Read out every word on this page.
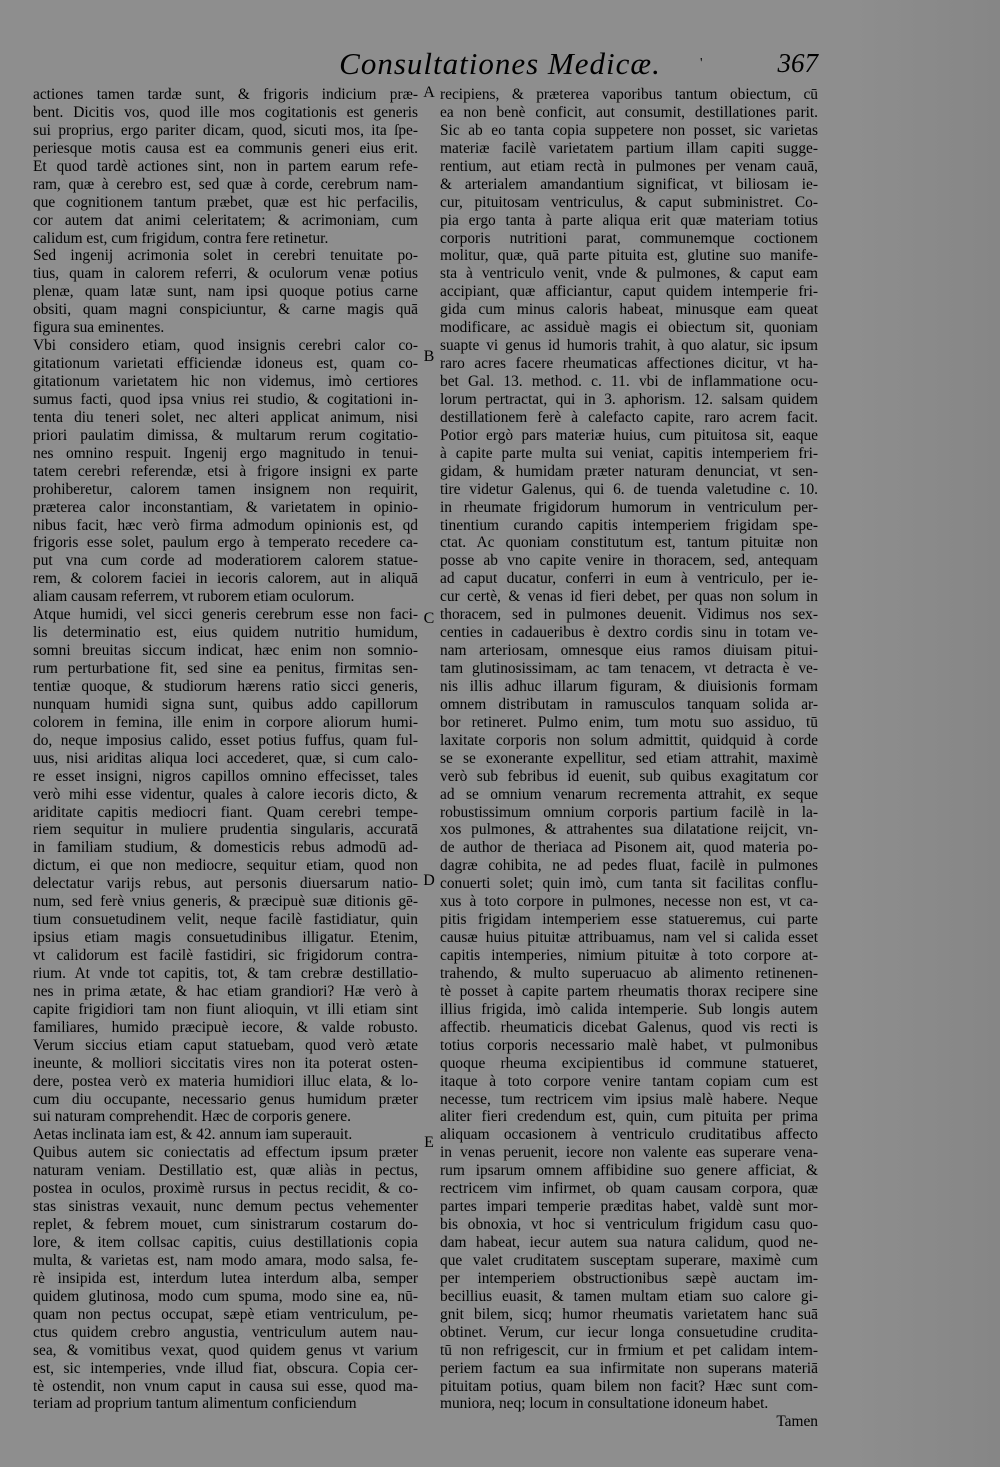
Consultationes Medicæ.	'	367
actiones tamen tardæ sunt, & frigoris indicium præ-
bent. Dicitis vos, quod ille mos cogitationis est generis
sui proprius, ergo pariter dicam, quod, sicuti mos, ita ſpe-
periesque motis causa est ea communis generi eius erit.
Et quod tardè actiones sint, non in partem earum refe-
ram, quæ à cerebro est, sed quæ à corde, cerebrum nam-
que cognitionem tantum præbet, quæ est hic perfacilis,
cor autem dat animi celeritatem; & acrimoniam, cum
calidum est, cum frigidum, contra fere retinetur.
Sed ingenij acrimonia solet in cerebri tenuitate po-
tius, quam in calorem referri, & oculorum venæ potius
plenæ, quam latæ sunt, nam ipsi quoque potius carne
obsiti, quam magni conspiciuntur, & carne magis quā
figura sua eminentes.
Vbi considero etiam, quod insignis cerebri calor co-
gitationum varietati efficiendæ idoneus est, quam co-
gitationum varietatem hic non videmus, imò certiores
sumus facti, quod ipsa vnius rei studio, & cogitationi in-
tenta diu teneri solet, nec alteri applicat animum, nisi
priori paulatim dimissa, & multarum rerum cogitatio-
nes omnino respuit. Ingenij ergo magnitudo in tenui-
tatem cerebri referendæ, etsi à frigore insigni ex parte
prohiberetur, calorem tamen insignem non requirit,
præterea calor inconstantiam, & varietatem in opinio-
nibus facit, hæc verò firma admodum opinionis est, qd
frigoris esse solet, paulum ergo à temperato recedere ca-
put vna cum corde ad moderatiorem calorem statue-
rem, & colorem faciei in iecoris calorem, aut in aliquā
aliam causam referrem, vt ruborem etiam oculorum.
Atque humidi, vel sicci generis cerebrum esse non faci-
lis determinatio est, eius quidem nutritio humidum,
somni breuitas siccum indicat, hæc enim non somnio-
rum perturbatione fit, sed sine ea penitus, firmitas sen-
tentiæ quoque, & studiorum hærens ratio sicci generis,
nunquam humidi signa sunt, quibus addo capillorum
colorem in femina, ille enim in corpore aliorum humi-
do, neque imposius calido, esset potius fuffus, quam ful-
uus, nisi ariditas aliqua loci accederet, quæ, si cum calo-
re esset insigni, nigros capillos omnino effecisset, tales
verò mihi esse videntur, quales à calore iecoris dicto, &
ariditate capitis mediocri fiant. Quam cerebri tempe-
riem sequitur in muliere prudentia singularis, accuratā
in familiam studium, & domesticis rebus admodū ad-
dictum, ei que non mediocre, sequitur etiam, quod non
delectatur varijs rebus, aut personis diuersarum natio-
num, sed ferè vnius generis, & præcipuè suæ ditionis gē-
tium consuetudinem velit, neque facilè fastidiatur, quin
ipsius etiam magis consuetudinibus illigatur. Etenim,
vt calidorum est facilè fastidiri, sic frigidorum contra-
rium. At vnde tot capitis, tot, & tam crebræ destillatio-
nes in prima ætate, & hac etiam grandiori? Hæ verò à
capite frigidiori tam non fiunt alioquin, vt illi etiam sint
familiares, humido præcipuè iecore, & valde robusto.
Verum siccius etiam caput statuebam, quod verò ætate
ineunte, & molliori siccitatis vires non ita poterat osten-
dere, postea verò ex materia humidiori illuc elata, & lo-
cum diu occupante, necessario genus humidum præter
sui naturam comprehendit. Hæc de corporis genere.
Aetas inclinata iam est, & 42. annum iam superauit.
Quibus autem sic coniectatis ad effectum ipsum præter
naturam veniam. Destillatio est, quæ aliàs in pectus,
postea in oculos, proximè rursus in pectus recidit, & co-
stas sinistras vexauit, nunc demum pectus vehementer
replet, & febrem mouet, cum sinistrarum costarum do-
lore, & item collsac capitis, cuius destillationis copia
multa, & varietas est, nam modo amara, modo salsa, fe-
rè insipida est, interdum lutea interdum alba, semper
quidem glutinosa, modo cum spuma, modo sine ea, nū-
quam non pectus occupat, sæpè etiam ventriculum, pe-
ctus quidem crebro angustia, ventriculum autem nau-
sea, & vomitibus vexat, quod quidem genus vt varium
est, sic intemperies, vnde illud fiat, obscura. Copia cer-
tè ostendit, non vnum caput in causa sui esse, quod ma-
teriam ad proprium tantum alimentum conficiendum
A
B
C
D
E
recipiens, & præterea vaporibus tantum obiectum, cū
ea non benè conficit, aut consumit, destillationes parit.
Sic ab eo tanta copia suppetere non posset, sic varietas
materiæ facilè varietatem partium illam capiti sugge-
rentium, aut etiam rectà in pulmones per venam cauā,
& arterialem amandantium significat, vt biliosam ie-
cur, pituitosam ventriculus, & caput subministret. Co-
pia ergo tanta à parte aliqua erit quæ materiam totius
corporis nutritioni parat, communemque coctionem
molitur, quæ, quā parte pituita est, glutine suo manife-
sta à ventriculo venit, vnde & pulmones, & caput eam
accipiant, quæ afficiantur, caput quidem intemperie fri-
gida cum minus caloris habeat, minusque eam queat
modificare, ac assiduè magis ei obiectum sit, quoniam
suapte vi genus id humoris trahit, à quo alatur, sic ipsum
raro acres facere rheumaticas affectiones dicitur, vt ha-
bet Gal. 13. method. c. 11. vbi de inflammatione ocu-
lorum pertractat, qui in 3. aphorism. 12. salsam quidem
destillationem ferè à calefacto capite, raro acrem facit.
Potior ergò pars materiæ huius, cum pituitosa sit, eaque
à capite parte multa sui veniat, capitis intemperiem fri-
gidam, & humidam præter naturam denunciat, vt sen-
tire videtur Galenus, qui 6. de tuenda valetudine c. 10.
in rheumate frigidorum humorum in ventriculum per-
tinentium curando capitis intemperiem frigidam spe-
ctat. Ac quoniam constitutum est, tantum pituitæ non
posse ab vno capite venire in thoracem, sed, antequam
ad caput ducatur, conferri in eum à ventriculo, per ie-
cur certè, & venas id fieri debet, per quas non solum in
thoracem, sed in pulmones deuenit. Vidimus nos sex-
centies in cadaueribus è dextro cordis sinu in totam ve-
nam arteriosam, omnesque eius ramos diuisam pitui-
tam glutinosissimam, ac tam tenacem, vt detracta è ve-
nis illis adhuc illarum figuram, & diuisionis formam
omnem distributam in ramusculos tanquam solida ar-
bor retineret. Pulmo enim, tum motu suo assiduo, tū
laxitate corporis non solum admittit, quidquid à corde
se se exonerante expellitur, sed etiam attrahit, maximè
verò sub febribus id euenit, sub quibus exagitatum cor
ad se omnium venarum recrementa attrahit, ex seque
robustissimum omnium corporis partium facilè in la-
xos pulmones, & attrahentes sua dilatatione reijcit, vn-
de author de theriaca ad Pisonem ait, quod materia po-
dagræ cohibita, ne ad pedes fluat, facilè in pulmones
conuerti solet; quin imò, cum tanta sit facilitas conflu-
xus à toto corpore in pulmones, necesse non est, vt ca-
pitis frigidam intemperiem esse statueremus, cui parte
causæ huius pituitæ attribuamus, nam vel si calida esset
capitis intemperies, nimium pituitæ à toto corpore at-
trahendo, & multo superuacuo ab alimento retinenen-
tè posset à capite partem rheumatis thorax recipere sine
illius frigida, imò calida intemperie. Sub longis autem
affectib. rheumaticis dicebat Galenus, quod vis recti is
totius corporis necessario malè habet, vt pulmonibus
quoque rheuma excipientibus id commune statueret,
itaque à toto corpore venire tantam copiam cum est
necesse, tum rectricem vim ipsius malè habere. Neque
aliter fieri credendum est, quin, cum pituita per prima
aliquam occasionem à ventriculo cruditatibus affecto
in venas peruenit, iecore non valente eas superare vena-
rum ipsarum omnem affibidine suo genere afficiat, &
rectricem vim infirmet, ob quam causam corpora, quæ
partes impari temperie præditas habet, valdè sunt mor-
bis obnoxia, vt hoc si ventriculum frigidum casu quo-
dam habeat, iecur autem sua natura calidum, quod ne-
que valet cruditatem susceptam superare, maximè cum
per intemperiem obstructionibus sæpè auctam im-
becillius euasit, & tamen multam etiam suo calore gi-
gnit bilem, sicq; humor rheumatis varietatem hanc suā
obtinet. Verum, cur iecur longa consuetudine crudita-
tū non refrigescit, cur in frmium et pet calidam intem-
periem factum ea sua infirmitate non superans materiā
pituitam potius, quam bilem non facit? Hæc sunt com-
muniora, neq; locum in consultatione idoneum habet.
Tamen
